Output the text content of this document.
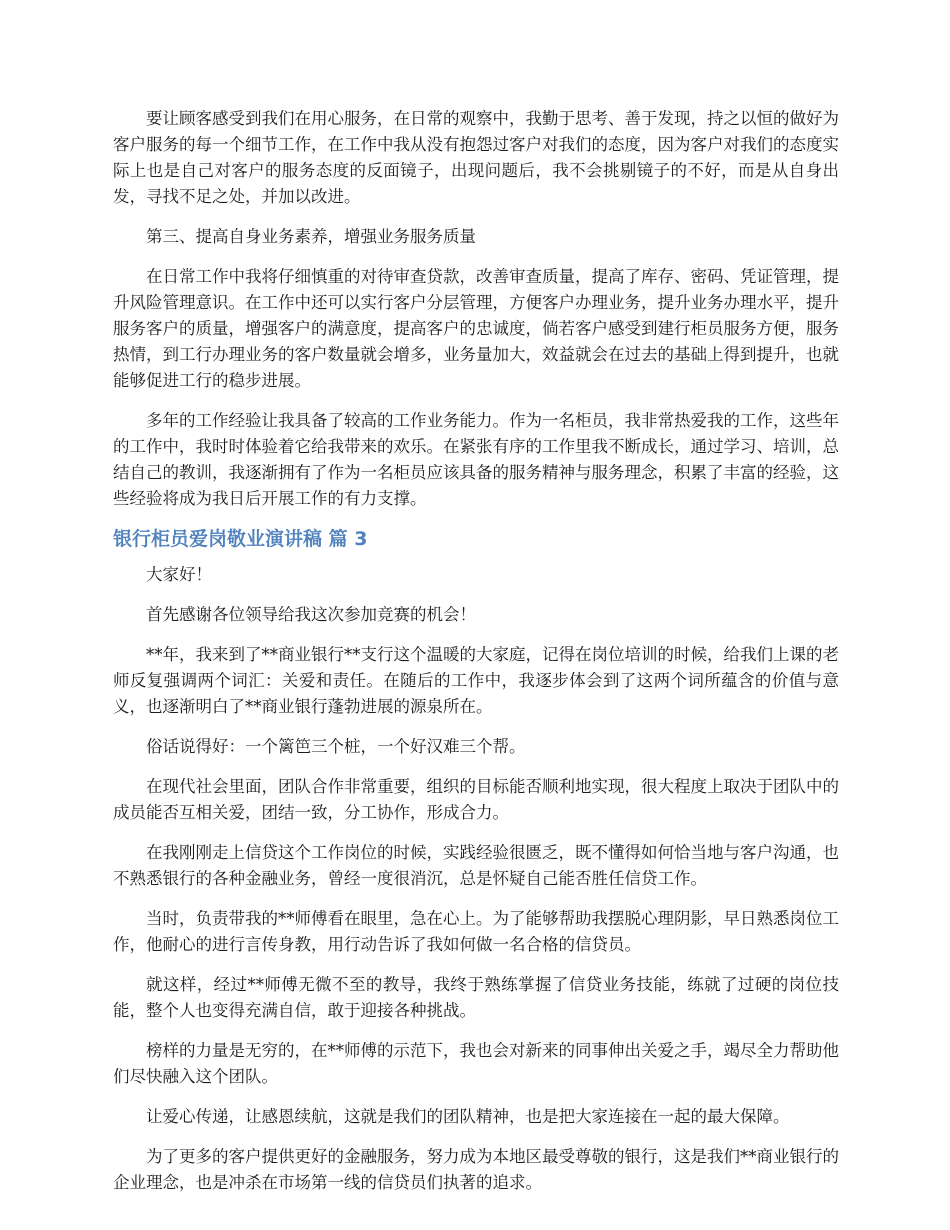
要让顾客感受到我们在用心服务，在日常的观察中，我勤于思考、善于发现，持之以恒的做好为客户服务的每一个细节工作，在工作中我从没有抱怨过客户对我们的态度，因为客户对我们的态度实际上也是自己对客户的服务态度的反面镜子，出现问题后，我不会挑剔镜子的不好，而是从自身出发，寻找不足之处，并加以改进。

第三、提高自身业务素养，增强业务服务质量

在日常工作中我将仔细慎重的对待审查贷款，改善审查质量，提高了库存、密码、凭证管理，提升风险管理意识。在工作中还可以实行客户分层管理，方便客户办理业务，提升业务办理水平，提升服务客户的质量，增强客户的满意度，提高客户的忠诚度，倘若客户感受到建行柜员服务方便，服务热情，到工行办理业务的客户数量就会增多，业务量加大，效益就会在过去的基础上得到提升，也就能够促进工行的稳步进展。

多年的工作经验让我具备了较高的工作业务能力。作为一名柜员，我非常热爱我的工作，这些年的工作中，我时时体验着它给我带来的欢乐。在紧张有序的工作里我不断成长，通过学习、培训，总结自己的教训，我逐渐拥有了作为一名柜员应该具备的服务精神与服务理念，积累了丰富的经验，这些经验将成为我日后开展工作的有力支撑。

银行柜员爱岗敬业演讲稿 篇 3

大家好！

首先感谢各位领导给我这次参加竞赛的机会！

**年，我来到了**商业银行**支行这个温暖的大家庭，记得在岗位培训的时候，给我们上课的老师反复强调两个词汇：关爱和责任。在随后的工作中，我逐步体会到了这两个词所蕴含的价值与意义，也逐渐明白了**商业银行蓬勃进展的源泉所在。

俗话说得好：一个篱笆三个桩，一个好汉难三个帮。

在现代社会里面，团队合作非常重要，组织的目标能否顺利地实现，很大程度上取决于团队中的成员能否互相关爱，团结一致，分工协作，形成合力。

在我刚刚走上信贷这个工作岗位的时候，实践经验很匮乏，既不懂得如何恰当地与客户沟通，也不熟悉银行的各种金融业务，曾经一度很消沉，总是怀疑自己能否胜任信贷工作。

当时，负责带我的**师傅看在眼里，急在心上。为了能够帮助我摆脱心理阴影，早日熟悉岗位工作，他耐心的进行言传身教，用行动告诉了我如何做一名合格的信贷员。

就这样，经过**师傅无微不至的教导，我终于熟练掌握了信贷业务技能，练就了过硬的岗位技能，整个人也变得充满自信，敢于迎接各种挑战。

榜样的力量是无穷的，在**师傅的示范下，我也会对新来的同事伸出关爱之手，竭尽全力帮助他们尽快融入这个团队。

让爱心传递，让感恩续航，这就是我们的团队精神，也是把大家连接在一起的最大保障。

为了更多的客户提供更好的金融服务，努力成为本地区最受尊敬的银行，这是我们**商业银行的企业理念，也是冲杀在市场第一线的信贷员们执著的追求。
